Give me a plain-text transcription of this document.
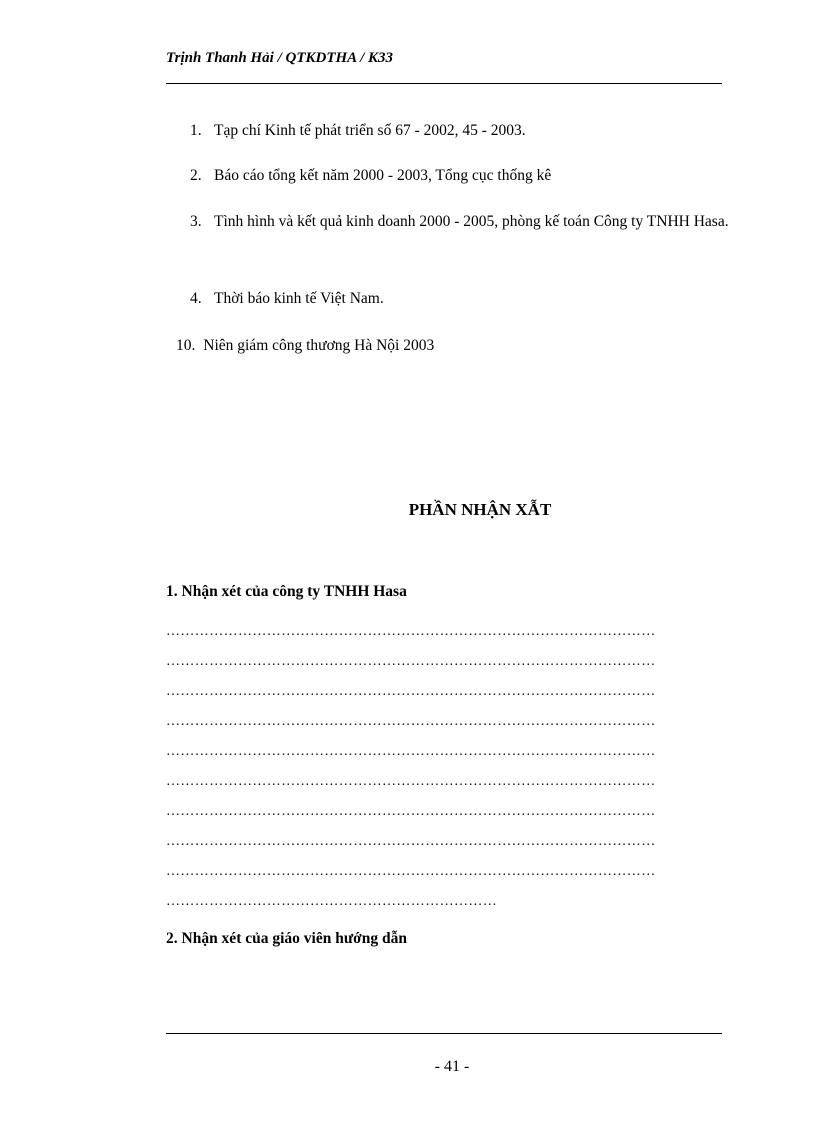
Trịnh Thanh Hải / QTKDTHA / K33
1. Tạp chí Kinh tế phát triển số 67 - 2002, 45 - 2003.
2. Báo cáo tổng kết năm 2000 - 2003, Tổng cục thống kê
3. Tình hình và kết quả kinh doanh 2000 - 2005, phòng kế toán Công ty TNHH Hasa.
4. Thời báo kinh tế Việt Nam.
10. Niên giám công thương Hà Nội 2003
PHẦN NHẬN XẪT
1. Nhận xét của công ty TNHH Hasa
…………………………………………………………………………………………
…………………………………………………………………………………………
…………………………………………………………………………………………
…………………………………………………………………………………………
…………………………………………………………………………………………
…………………………………………………………………………………………
…………………………………………………………………………………………
…………………………………………………………………………………………
…………………………………………………………………………………………
……………………………………………………………
2. Nhận xét của giáo viên hướng dẫn
- 41 -
